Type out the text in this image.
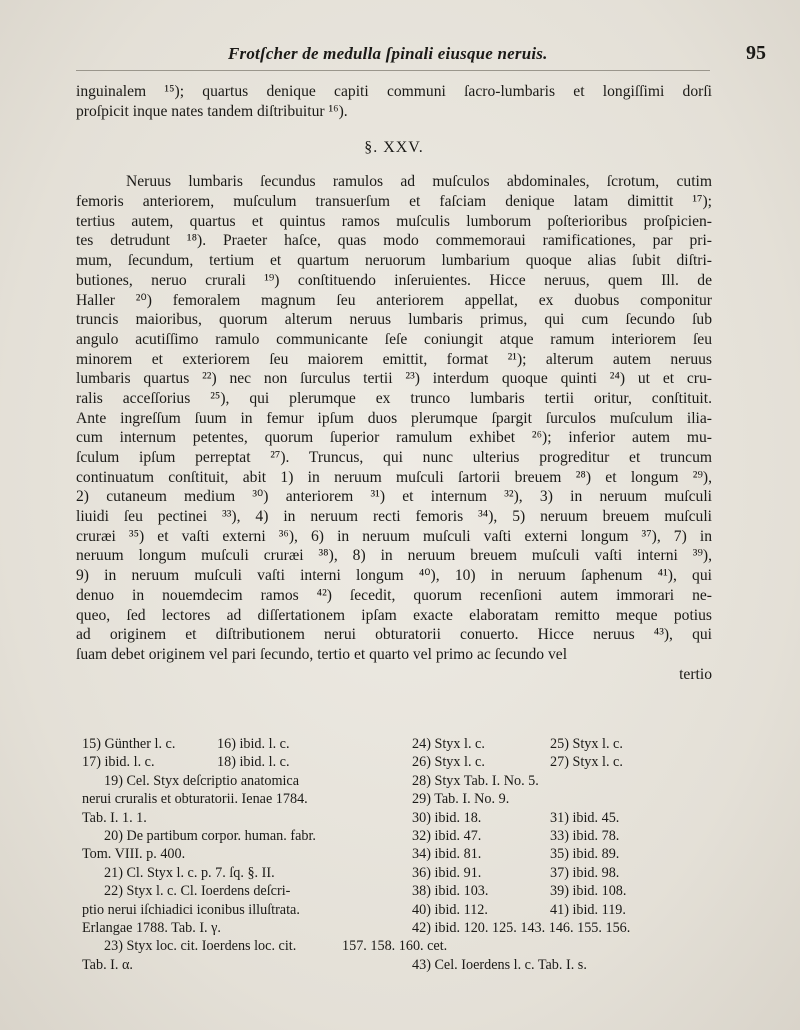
Frotſcher de medulla ſpinali eiusque neruis.	95
inguinalem ¹⁵); quartus denique capiti communi ſacro-lumbaris et longiſſimi dorſi
proſpicit inque nates tandem diſtribuitur ¹⁶).
§. XXV.
Neruus lumbaris ſecundus ramulos ad muſculos abdominales, ſcrotum, cutim
femoris anteriorem, muſculum transuerſum et faſciam denique latam dimittit ¹⁷);
tertius autem, quartus et quintus ramos muſculis lumborum poſterioribus proſpicien-
tes detrudunt ¹⁸). Praeter haſce, quas modo commemoraui ramificationes, par pri-
mum, ſecundum, tertium et quartum neruorum lumbarium quoque alias ſubit diſtri-
butiones, neruo crurali ¹⁹) conſtituendo inſeruientes. Hicce neruus, quem Ill. de
Haller ²⁰) femoralem magnum ſeu anteriorem appellat, ex duobus componitur
truncis maioribus, quorum alterum neruus lumbaris primus, qui cum ſecundo ſub
angulo acutiſſimo ramulo communicante ſeſe coniungit atque ramum interiorem ſeu
minorem et exteriorem ſeu maiorem emittit, format ²¹); alterum autem neruus
lumbaris quartus ²²) nec non ſurculus tertii ²³) interdum quoque quinti ²⁴) ut et cru-
ralis acceſſorius ²⁵), qui plerumque ex trunco lumbaris tertii oritur, conſtituit.
Ante ingreſſum ſuum in femur ipſum duos plerumque ſpargit ſurculos muſculum ilia-
cum internum petentes, quorum ſuperior ramulum exhibet ²⁶); inferior autem mu-
ſculum ipſum perreptat ²⁷). Truncus, qui nunc ulterius progreditur et truncum
continuatum conſtituit, abit 1) in neruum muſculi ſartorii breuem ²⁸) et longum ²⁹),
2) cutaneum medium ³⁰) anteriorem ³¹) et internum ³²), 3) in neruum muſculi
liuidi ſeu pectinei ³³), 4) in neruum recti femoris ³⁴), 5) neruum breuem muſculi
cruræi ³⁵) et vaſti externi ³⁶), 6) in neruum muſculi vaſti externi longum ³⁷), 7) in
neruum longum muſculi cruræi ³⁸), 8) in neruum breuem muſculi vaſti interni ³⁹),
9) in neruum muſculi vaſti interni longum ⁴⁰), 10) in neruum ſaphenum ⁴¹), qui
denuo in nouemdecim ramos ⁴²) ſecedit, quorum recenſioni autem immorari ne-
queo, ſed lectores ad diſſertationem ipſam exacte elaboratam remitto meque potius
ad originem et diſtributionem nerui obturatorii conuerto. Hicce neruus ⁴³), qui
ſuam debet originem vel pari ſecundo, tertio et quarto vel primo ac ſecundo vel
tertio
15) Günther l. c.	16) ibid. l. c.
17) ibid. l. c.	18) ibid. l. c.
19) Cel. Styx deſcriptio anatomica
nerui cruralis et obturatorii. Ienae 1784.
Tab. I. 1. 1.
20) De partibum corpor. human. fabr.
Tom. VIII. p. 400.
21) Cl. Styx l. c. p. 7. ſq. §. II.
22) Styx l. c. Cl. Ioerdens deſcri-
ptio nerui iſchiadici iconibus illuſtrata.
Erlangae 1788. Tab. I. γ.
23) Styx loc. cit. Ioerdens loc. cit.
Tab. I. α.
24) Styx l. c.	25) Styx l. c.
26) Styx l. c.	27) Styx l. c.
28) Styx Tab. I. No. 5.
29) Tab. I. No. 9.
30) ibid. 18.	31) ibid. 45.
32) ibid. 47.	33) ibid. 78.
34) ibid. 81.	35) ibid. 89.
36) ibid. 91.	37) ibid. 98.
38) ibid. 103.	39) ibid. 108.
40) ibid. 112.	41) ibid. 119.
42) ibid. 120. 125. 143. 146. 155. 156.
157. 158. 160. cet.
43) Cel. Ioerdens l. c. Tab. I. s.
